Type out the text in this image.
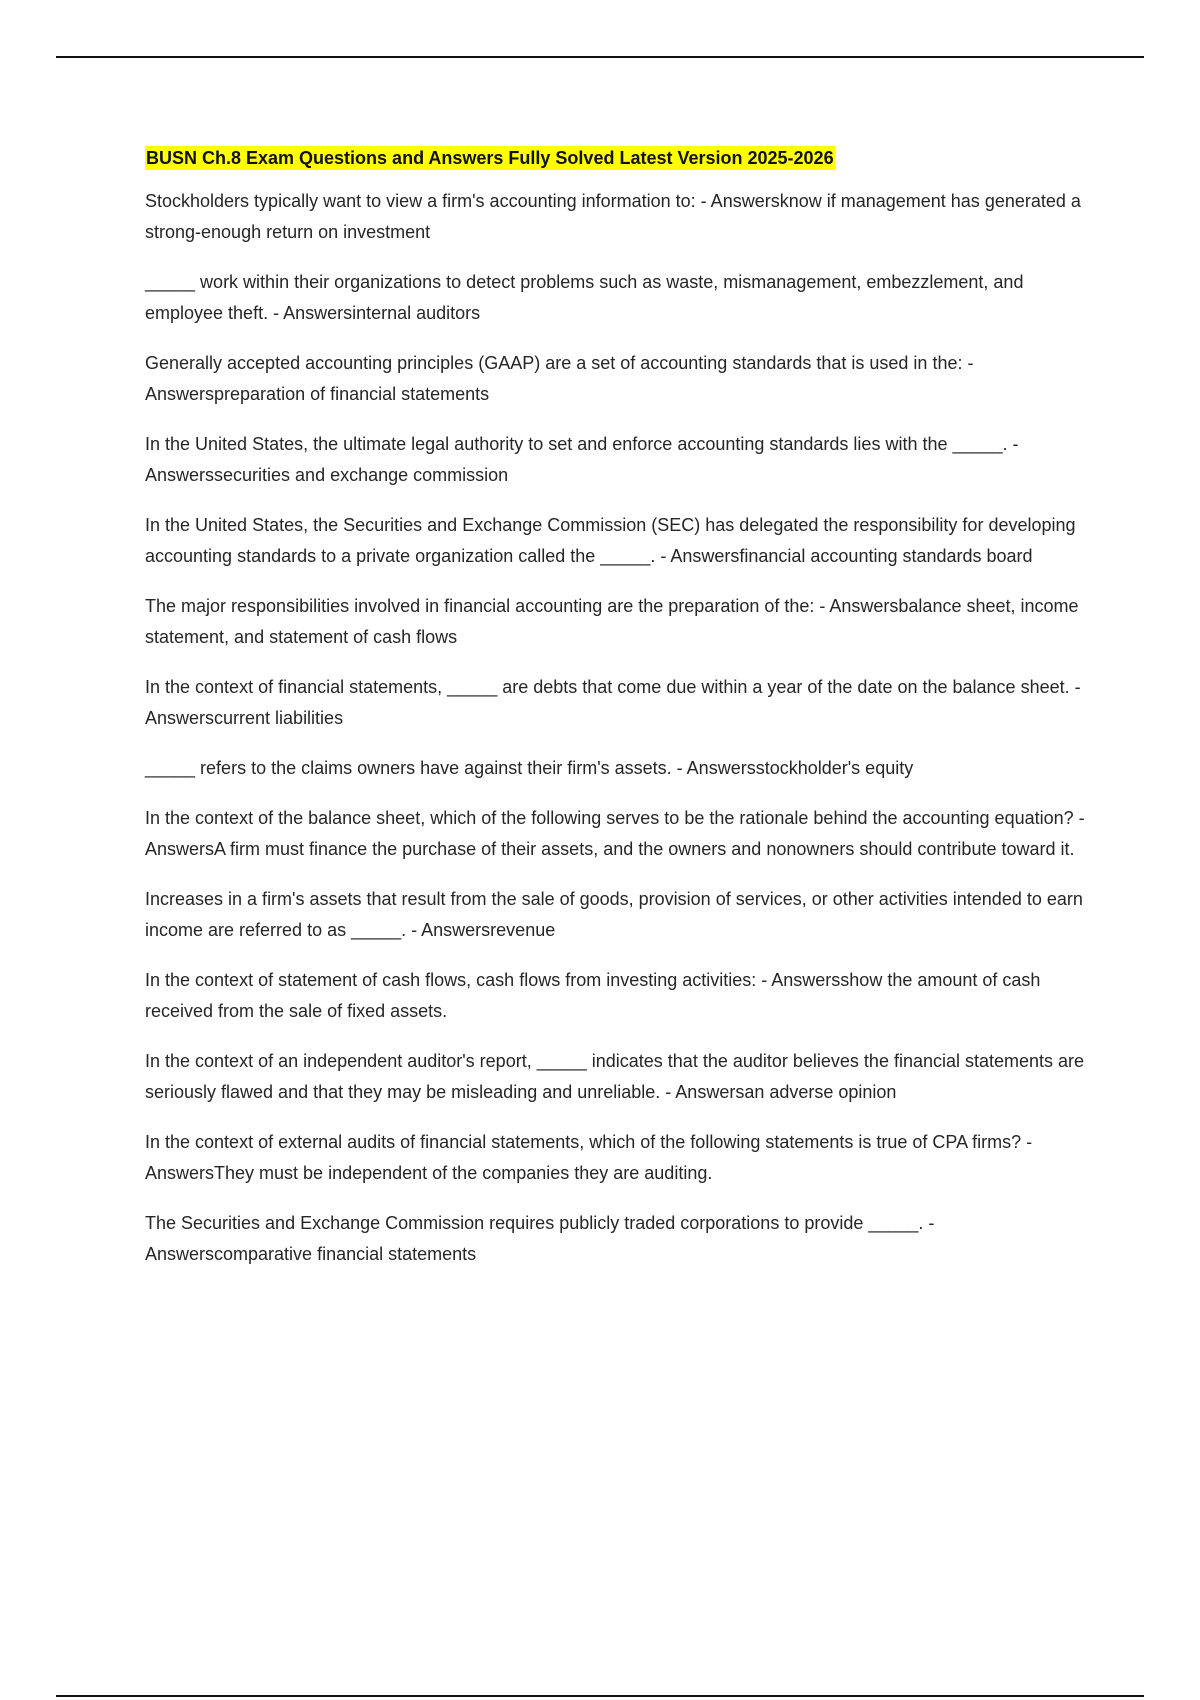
BUSN Ch.8 Exam Questions and Answers Fully Solved Latest Version 2025-2026
Stockholders typically want to view a firm's accounting information to: - Answersknow if management has generated a strong-enough return on investment
_____ work within their organizations to detect problems such as waste, mismanagement, embezzlement, and employee theft. - Answersinternal auditors
Generally accepted accounting principles (GAAP) are a set of accounting standards that is used in the: - Answerspreparation of financial statements
In the United States, the ultimate legal authority to set and enforce accounting standards lies with the _____. - Answerssecurities and exchange commission
In the United States, the Securities and Exchange Commission (SEC) has delegated the responsibility for developing accounting standards to a private organization called the _____. - Answersfinancial accounting standards board
The major responsibilities involved in financial accounting are the preparation of the: - Answersbalance sheet, income statement, and statement of cash flows
In the context of financial statements, _____ are debts that come due within a year of the date on the balance sheet. - Answerscurrent liabilities
_____ refers to the claims owners have against their firm's assets. - Answersstockholder's equity
In the context of the balance sheet, which of the following serves to be the rationale behind the accounting equation? - AnswersA firm must finance the purchase of their assets, and the owners and nonowners should contribute toward it.
Increases in a firm's assets that result from the sale of goods, provision of services, or other activities intended to earn income are referred to as _____. - Answersrevenue
In the context of statement of cash flows, cash flows from investing activities: - Answersshow the amount of cash received from the sale of fixed assets.
In the context of an independent auditor's report, _____ indicates that the auditor believes the financial statements are seriously flawed and that they may be misleading and unreliable. - Answersan adverse opinion
In the context of external audits of financial statements, which of the following statements is true of CPA firms? - AnswersThey must be independent of the companies they are auditing.
The Securities and Exchange Commission requires publicly traded corporations to provide _____. - Answerscomparative financial statements
